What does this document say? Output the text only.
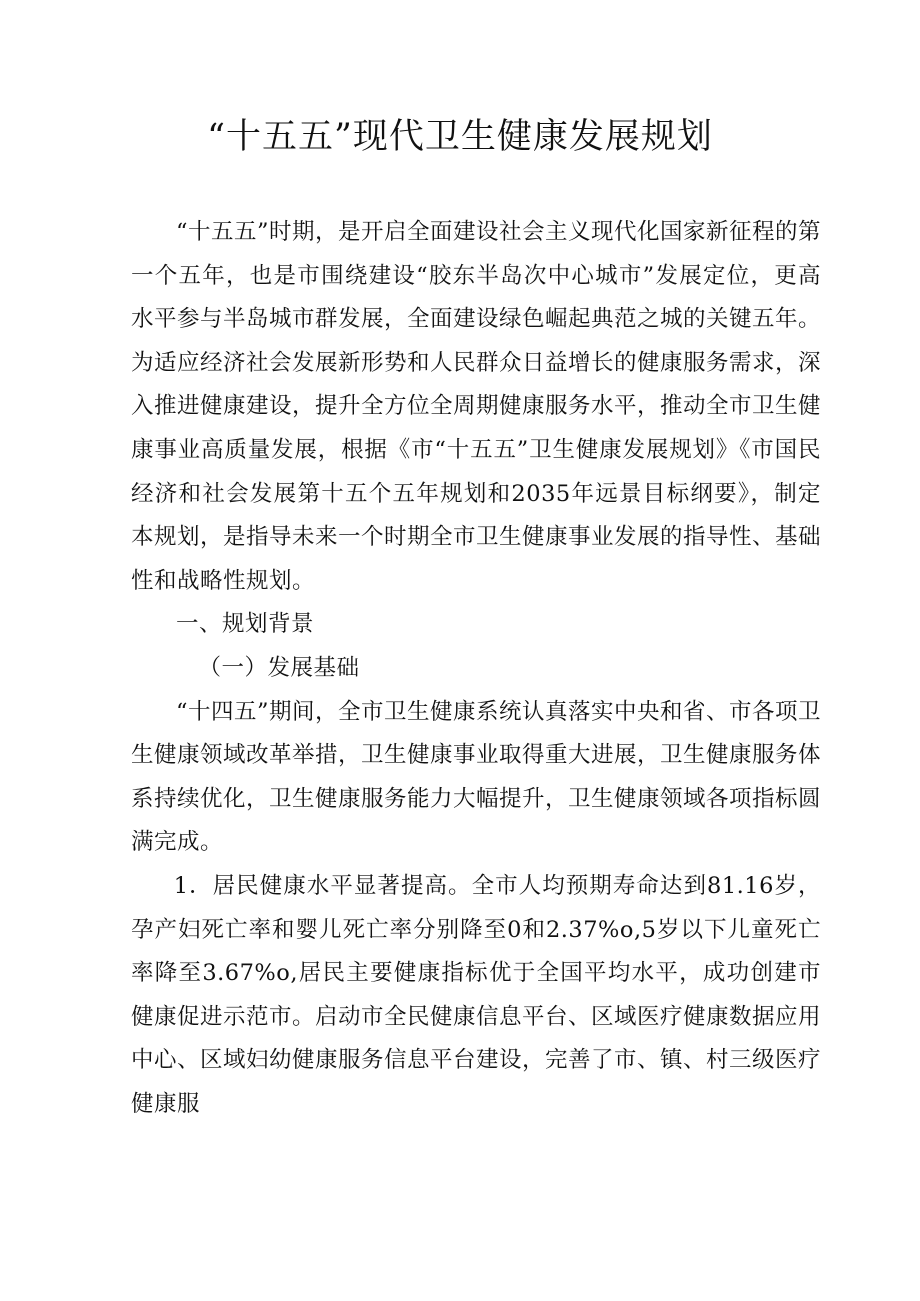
“十五五”现代卫生健康发展规划

“十五五”时期，是开启全面建设社会主义现代化国家新征程的第一个五年，也是市围绕建设“胶东半岛次中心城市”发展定位，更高水平参与半岛城市群发展，全面建设绿色崛起典范之城的关键五年。为适应经济社会发展新形势和人民群众日益增长的健康服务需求，深入推进健康建设，提升全方位全周期健康服务水平，推动全市卫生健康事业高质量发展，根据《市“十五五”卫生健康发展规划》《市国民经济和社会发展第十五个五年规划和2035年远景目标纲要》，制定本规划，是指导未来一个时期全市卫生健康事业发展的指导性、基础性和战略性规划。

一、规划背景

（一）发展基础

“十四五”期间，全市卫生健康系统认真落实中央和省、市各项卫生健康领域改革举措，卫生健康事业取得重大进展，卫生健康服务体系持续优化，卫生健康服务能力大幅提升，卫生健康领域各项指标圆满完成。

1．居民健康水平显著提高。全市人均预期寿命达到81.16岁，孕产妇死亡率和婴儿死亡率分别降至0和2.37%o,5岁以下儿童死亡率降至3.67%o,居民主要健康指标优于全国平均水平，成功创建市健康促进示范市。启动市全民健康信息平台、区域医疗健康数据应用中心、区域妇幼健康服务信息平台建设，完善了市、镇、村三级医疗健康服
